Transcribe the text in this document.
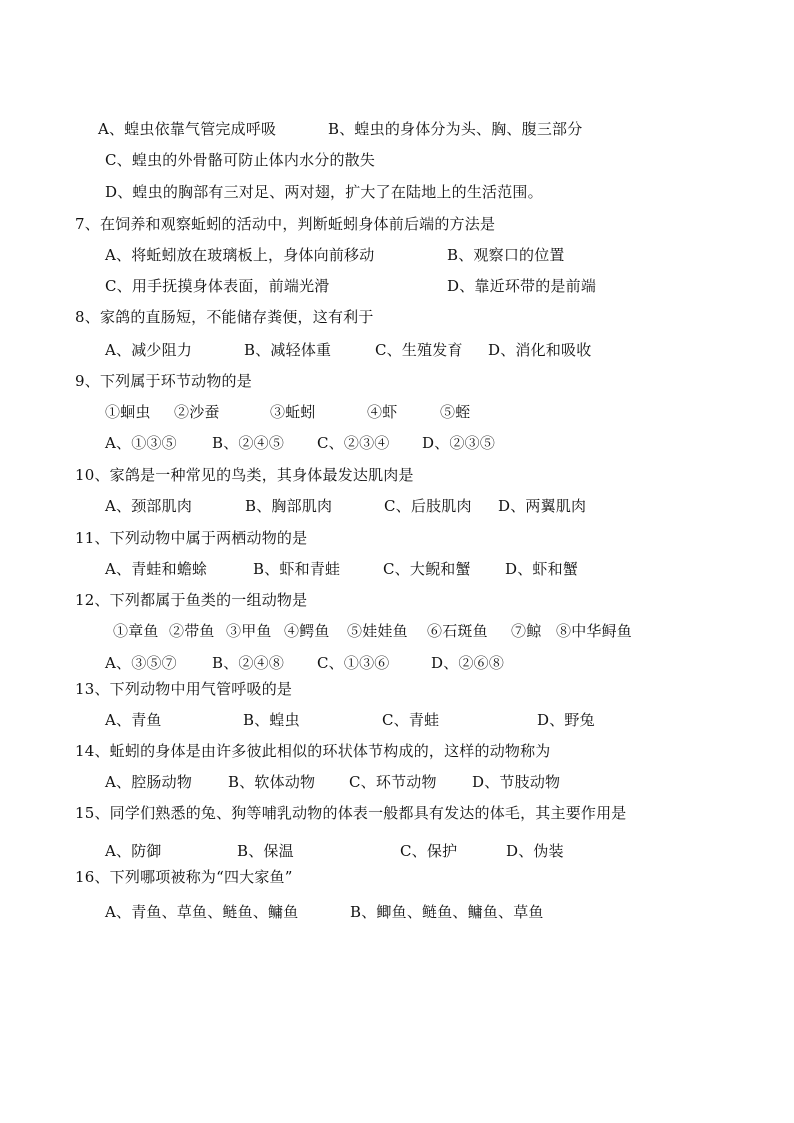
A、蝗虫依靠气管完成呼吸

	B、蝗虫的身体分为头、胸、腹三部分

C、蝗虫的外骨骼可防止体内水分的散失
D、蝗虫的胸部有三对足、两对翅，扩大了在陆地上的生活范围。
7、在饲养和观察蚯蚓的活动中，判断蚯蚓身体前后端的方法是

A、将蚯蚓放在玻璃板上，身体向前移动

	B、观察口的位置

C、用手抚摸身体表面，前端光滑

	D、靠近环带的是前端

8、家鸽的直肠短，不能储存粪便，这有利于

A、减少阻力

	B、减轻体重

	C、生殖发育

D、消化和吸收

9、下列属于环节动物的是

①蛔虫

②沙蚕

	③蚯蚓

	④虾

	⑤蛭

A、①③⑤

B、②④⑤

C、②③④

D、②③⑤

10、家鸽是一种常见的鸟类，其身体最发达肌肉是

A、颈部肌肉

	B、胸部肌肉

	C、后肢肌肉

D、两翼肌肉

11、下列动物中属于两栖动物的是

A、青蛙和蟾蜍

	B、虾和青蛙

	C、大鲵和蟹

D、虾和蟹

12、下列都属于鱼类的一组动物是

①章鱼

②带鱼

③甲鱼

④鳄鱼

⑤娃娃鱼

⑥石斑鱼

⑦鲸

⑧中华鲟鱼

A、③⑤⑦

B、②④⑧

C、①③⑥

	D、②⑥⑧

13、下列动物中用气管呼吸的是

A、青鱼

	B、蝗虫

	C、青蛙

	D、野兔

14、蚯蚓的身体是由许多彼此相似的环状体节构成的，这样的动物称为

A、腔肠动物

B、软体动物

C、环节动物

D、节肢动物

15、同学们熟悉的兔、狗等哺乳动物的体表一般都具有发达的体毛，其主要作用是

A、防御

	B、保温

	C、保护

	D、伪装

16、下列哪项被称为“四大家鱼”

A、青鱼、草鱼、鲢鱼、鳙鱼

	B、鲫鱼、鲢鱼、鳙鱼、草鱼
